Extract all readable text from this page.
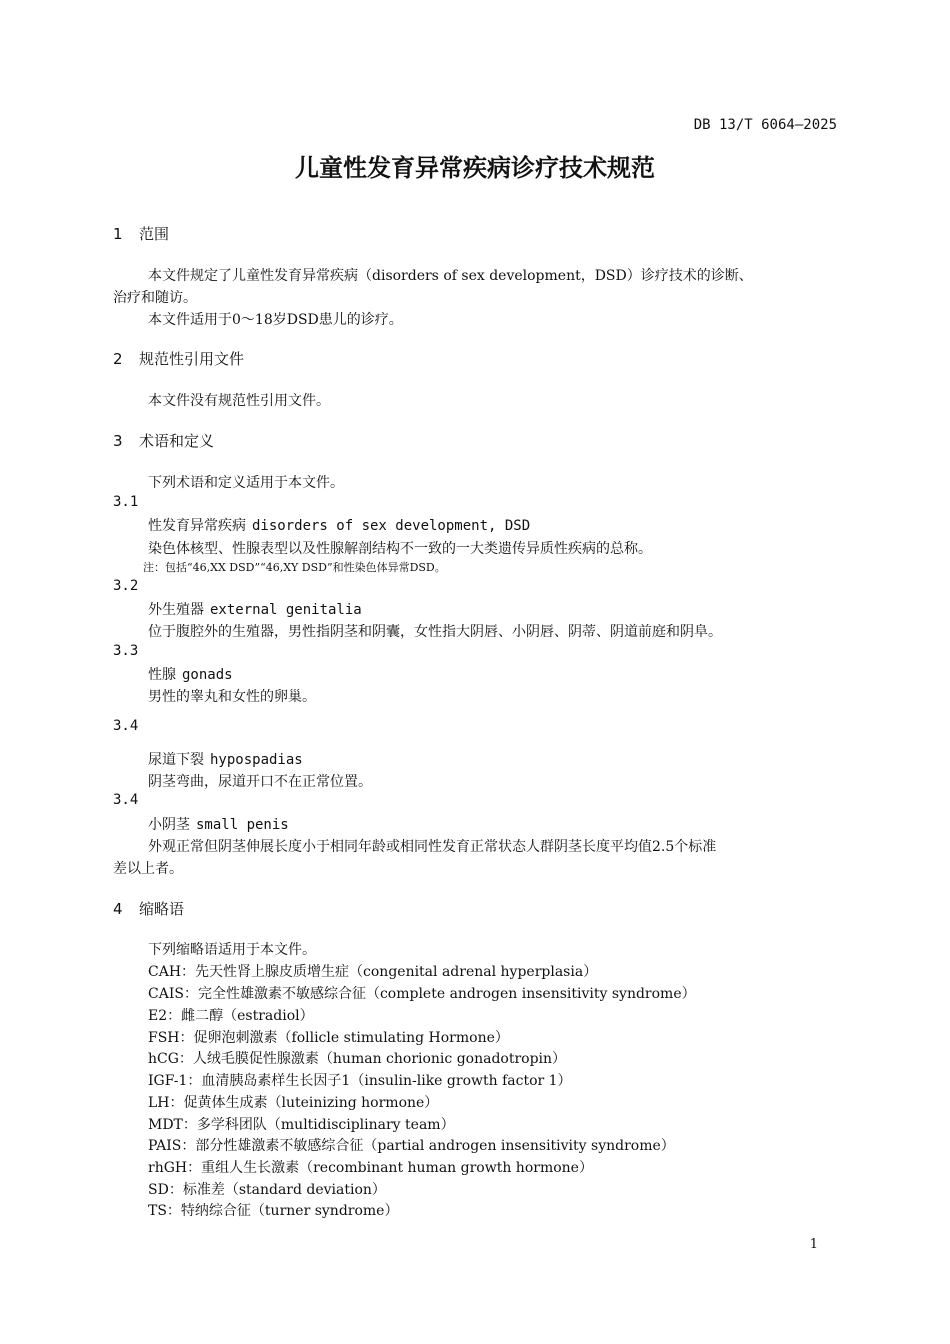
DB 13/T 6064—2025
儿童性发育异常疾病诊疗技术规范
1 范围
本文件规定了儿童性发育异常疾病（disorders of sex development，DSD）诊疗技术的诊断、
治疗和随访。
本文件适用于0～18岁DSD患儿的诊疗。
2 规范性引用文件
本文件没有规范性引用文件。
3 术语和定义
下列术语和定义适用于本文件。
3.1
性发育异常疾病 disorders of sex development, DSD
染色体核型、性腺表型以及性腺解剖结构不一致的一大类遗传异质性疾病的总称。
注：包括“46,XX DSD”“46,XY DSD”和性染色体异常DSD。
3.2
外生殖器 external genitalia
位于腹腔外的生殖器，男性指阴茎和阴囊，女性指大阴唇、小阴唇、阴蒂、阴道前庭和阴阜。
3.3
性腺 gonads
男性的睾丸和女性的卵巢。
3.4
尿道下裂 hypospadias
阴茎弯曲，尿道开口不在正常位置。
3.4
小阴茎 small penis
外观正常但阴茎伸展长度小于相同年龄或相同性发育正常状态人群阴茎长度平均值2.5个标准
差以上者。
4 缩略语
下列缩略语适用于本文件。
CAH：先天性肾上腺皮质增生症（congenital adrenal hyperplasia）
CAIS：完全性雄激素不敏感综合征（complete androgen insensitivity syndrome）
E2：雌二醇（estradiol）
FSH：促卵泡刺激素（follicle stimulating Hormone）
hCG：人绒毛膜促性腺激素（human chorionic gonadotropin）
IGF-1：血清胰岛素样生长因子1（insulin-like growth factor 1）
LH：促黄体生成素（luteinizing hormone）
MDT：多学科团队（multidisciplinary team）
PAIS：部分性雄激素不敏感综合征（partial androgen insensitivity syndrome）
rhGH：重组人生长激素（recombinant human growth hormone）
SD：标准差（standard deviation）
TS：特纳综合征（turner syndrome）
1
